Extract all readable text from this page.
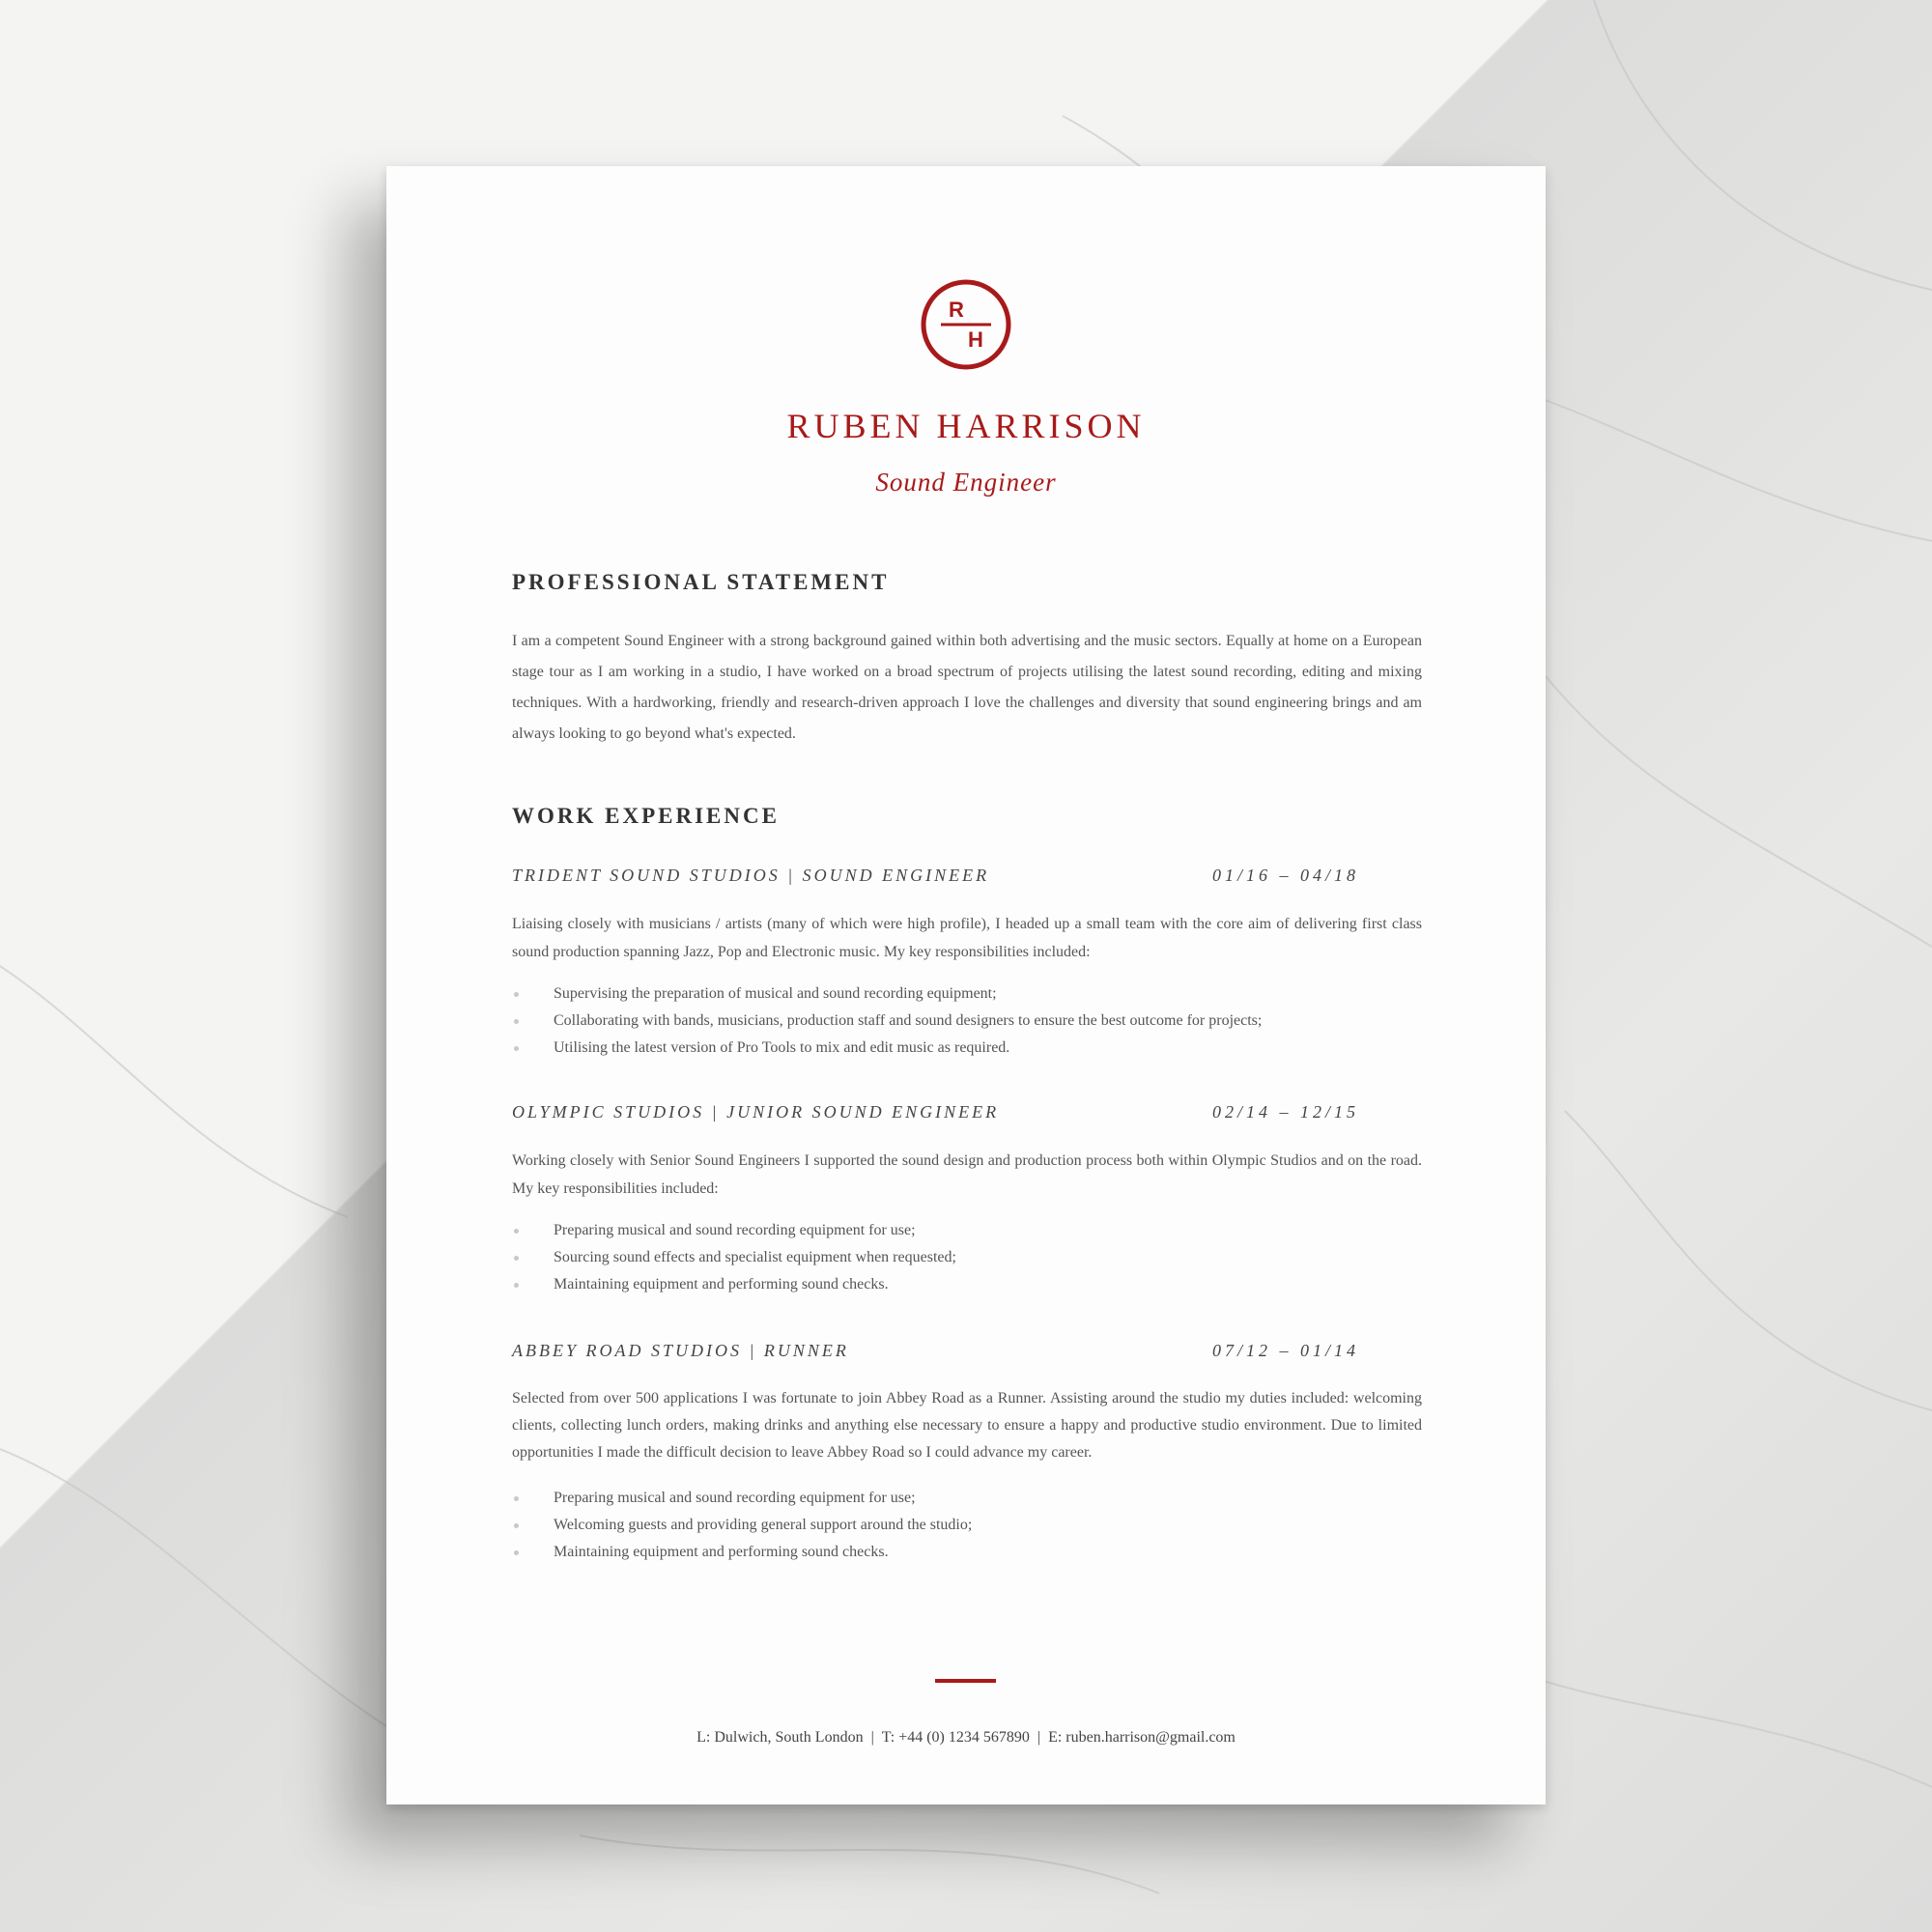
R
H
RUBEN HARRISON
Sound Engineer
PROFESSIONAL STATEMENT

I am a competent Sound Engineer with a strong background gained within both advertising and the music sectors. Equally at home on a European stage tour as I am working in a studio, I have worked on a broad spectrum of projects utilising the latest sound recording, editing and mixing techniques. With a hardworking, friendly and research-driven approach I love the challenges and diversity that sound engineering brings and am always looking to go beyond what's expected.

WORK EXPERIENCE
TRIDENT SOUND STUDIOS | SOUND ENGINEER	01/16 – 04/18

Liaising closely with musicians / artists (many of which were high profile), I headed up a small team with the core aim of delivering first class sound production spanning Jazz, Pop and Electronic music. My key responsibilities included:

Supervising the preparation of musical and sound recording equipment;
Collaborating with bands, musicians, production staff and sound designers to ensure the best outcome for projects;
Utilising the latest version of Pro Tools to mix and edit music as required.
OLYMPIC STUDIOS | JUNIOR SOUND ENGINEER	02/14 – 12/15

Working closely with Senior Sound Engineers I supported the sound design and production process both within Olympic Studios and on the road. My key responsibilities included:

Preparing musical and sound recording equipment for use;
Sourcing sound effects and specialist equipment when requested;
Maintaining equipment and performing sound checks.
ABBEY ROAD STUDIOS | RUNNER	07/12 – 01/14

Selected from over 500 applications I was fortunate to join Abbey Road as a Runner. Assisting around the studio my duties included: welcoming clients, collecting lunch orders, making drinks and anything else necessary to ensure a happy and productive studio environment. Due to limited opportunities I made the difficult decision to leave Abbey Road so I could advance my career.

Preparing musical and sound recording equipment for use;
Welcoming guests and providing general support around the studio;
Maintaining equipment and performing sound checks.
L: Dulwich, South London | T: +44 (0) 1234 567890 | E: ruben.harrison@gmail.com
